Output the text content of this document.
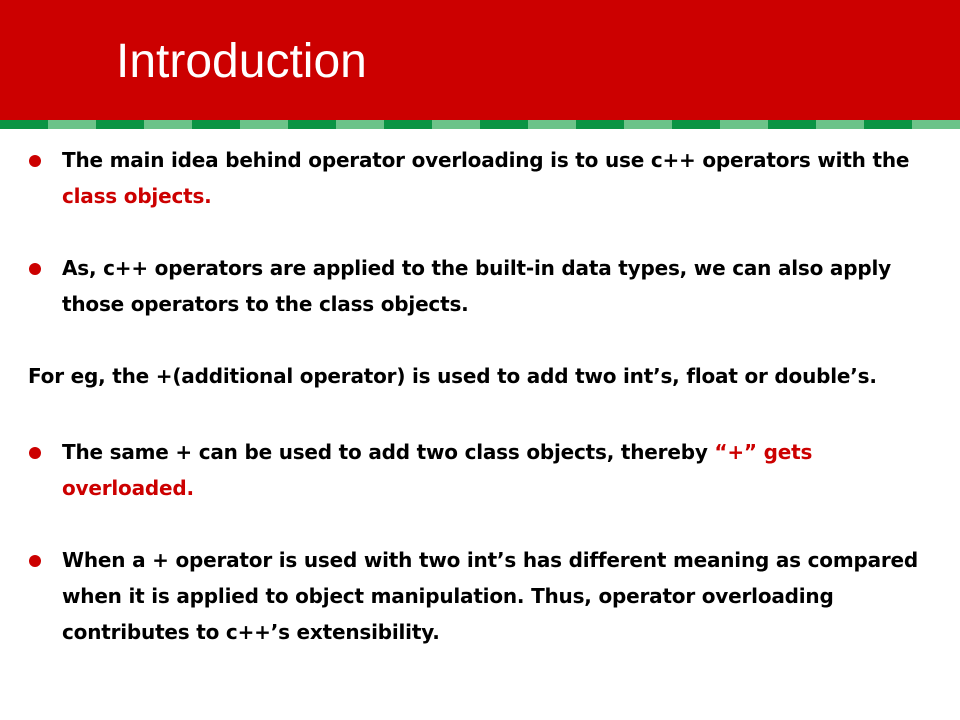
Introduction
The main idea behind operator overloading is to use c++ operators with the class objects.
As, c++ operators are applied to the built-in data types, we can also apply those operators to the class objects.
For eg, the +(additional operator) is used to add two int’s, float or double’s.
The same + can be used to add two class objects, thereby “+” gets overloaded.
When a + operator is used with two int’s has different meaning as compared when it is applied to object manipulation. Thus, operator overloading contributes to c++’s extensibility.
